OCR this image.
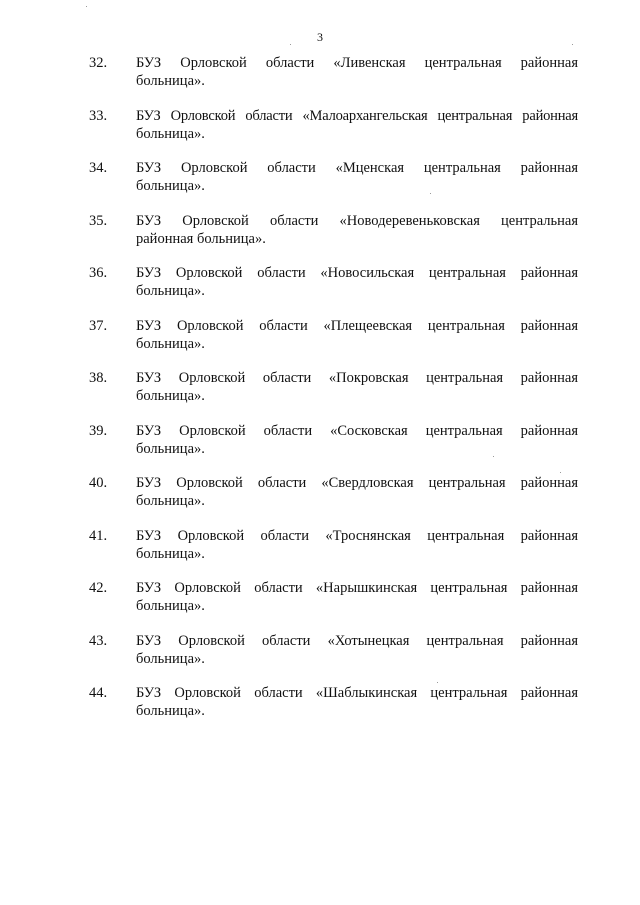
3
32. БУЗ Орловской области «Ливенская центральная районная
больница».
33. БУЗ Орловской области «Малоархангельская центральная районная
больница».
34. БУЗ Орловской области «Мценская центральная районная
больница».
35. БУЗ Орловской области «Новодеревеньковская центральная
районная больница».
36. БУЗ Орловской области «Новосильская центральная районная
больница».
37. БУЗ Орловской области «Плещеевская центральная районная
больница».
38. БУЗ Орловской области «Покровская центральная районная
больница».
39. БУЗ Орловской области «Сосковская центральная районная
больница».
40. БУЗ Орловской области «Свердловская центральная районная
больница».
41. БУЗ Орловской области «Троснянская центральная районная
больница».
42. БУЗ Орловской области «Нарышкинская центральная районная
больница».
43. БУЗ Орловской области «Хотынецкая центральная районная
больница».
44. БУЗ Орловской области «Шаблыкинская центральная районная
больница».
